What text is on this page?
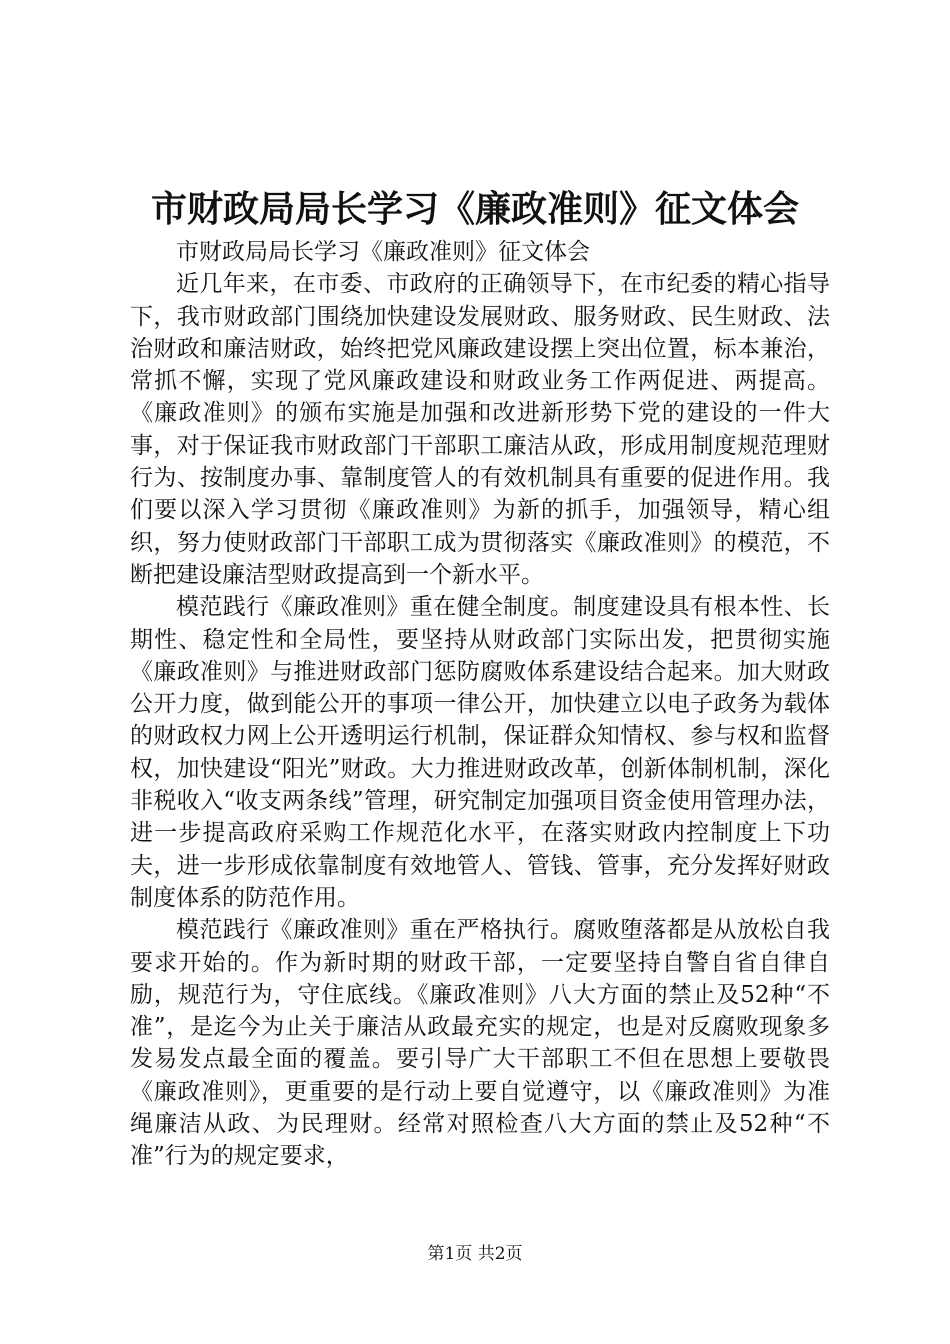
市财政局局长学习《廉政准则》征文体会

市财政局局长学习《廉政准则》征文体会

近几年来，在市委、市政府的正确领导下，在市纪委的精心指导下，我市财政部门围绕加快建设发展财政、服务财政、民生财政、法治财政和廉洁财政，始终把党风廉政建设摆上突出位置，标本兼治，常抓不懈，实现了党风廉政建设和财政业务工作两促进、两提高。《廉政准则》的颁布实施是加强和改进新形势下党的建设的一件大事，对于保证我市财政部门干部职工廉洁从政，形成用制度规范理财行为、按制度办事、靠制度管人的有效机制具有重要的促进作用。我们要以深入学习贯彻《廉政准则》为新的抓手，加强领导，精心组织，努力使财政部门干部职工成为贯彻落实《廉政准则》的模范，不断把建设廉洁型财政提高到一个新水平。

模范践行《廉政准则》重在健全制度。制度建设具有根本性、长期性、稳定性和全局性，要坚持从财政部门实际出发，把贯彻实施《廉政准则》与推进财政部门惩防腐败体系建设结合起来。加大财政公开力度，做到能公开的事项一律公开，加快建立以电子政务为载体的财政权力网上公开透明运行机制，保证群众知情权、参与权和监督权，加快建设“阳光”财政。大力推进财政改革，创新体制机制，深化非税收入“收支两条线”管理，研究制定加强项目资金使用管理办法，进一步提高政府采购工作规范化水平，在落实财政内控制度上下功夫，进一步形成依靠制度有效地管人、管钱、管事，充分发挥好财政制度体系的防范作用。

模范践行《廉政准则》重在严格执行。腐败堕落都是从放松自我要求开始的。作为新时期的财政干部，一定要坚持自警自省自律自励，规范行为，守住底线。《廉政准则》八大方面的禁止及52种“不准”，是迄今为止关于廉洁从政最充实的规定，也是对反腐败现象多发易发点最全面的覆盖。要引导广大干部职工不但在思想上要敬畏《廉政准则》，更重要的是行动上要自觉遵守，以《廉政准则》为准绳廉洁从政、为民理财。经常对照检查八大方面的禁止及52种“不准”行为的规定要求，

第1页 共2页
